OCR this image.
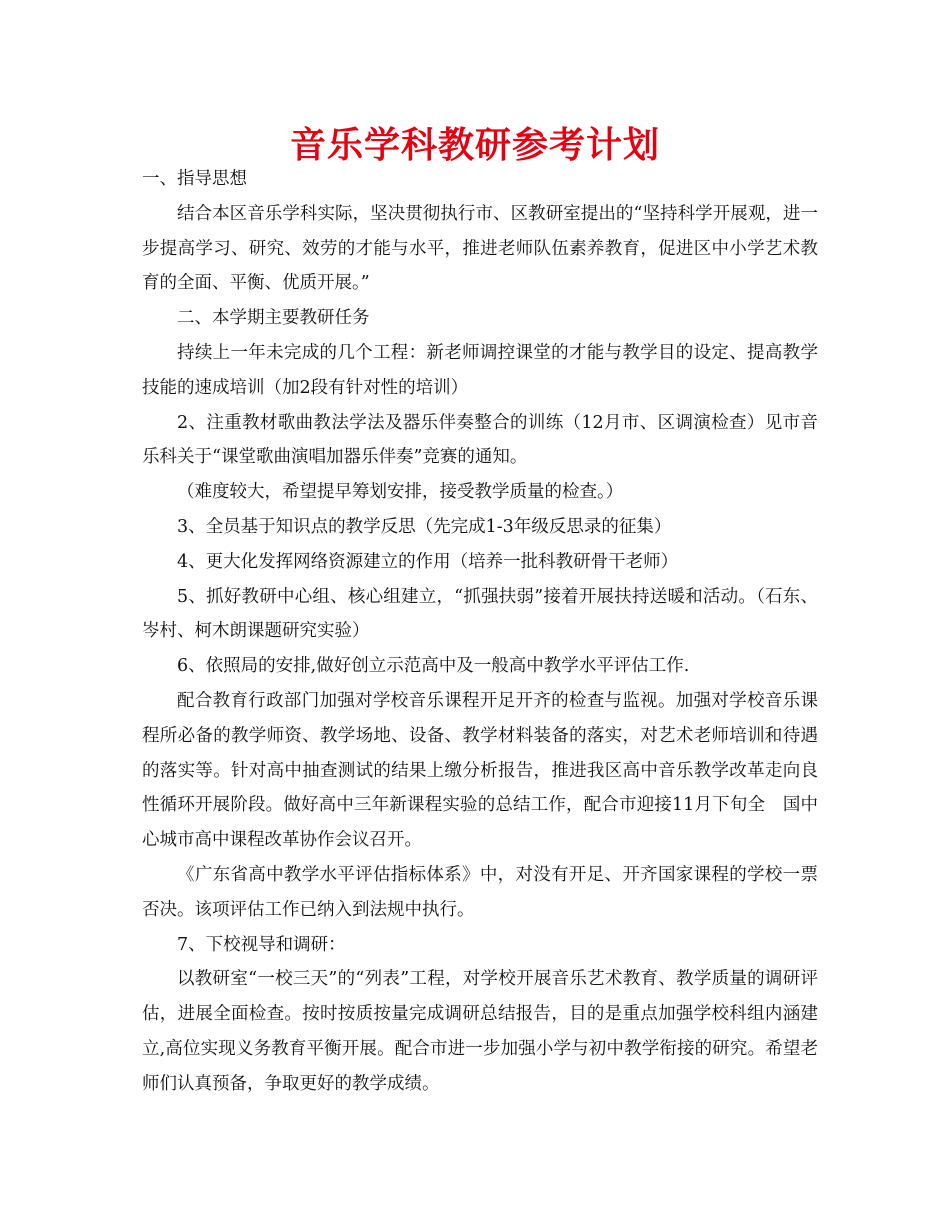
音乐学科教研参考计划

一、指导思想

结合本区音乐学科实际，坚决贯彻执行市、区教研室提出的“坚持科学开展观，进一步提高学习、研究、效劳的才能与水平，推进老师队伍素养教育，促进区中小学艺术教育的全面、平衡、优质开展。”

二、本学期主要教研任务

持续上一年未完成的几个工程：新老师调控课堂的才能与教学目的设定、提高教学技能的速成培训（加2段有针对性的培训）

2、注重教材歌曲教法学法及器乐伴奏整合的训练（12月市、区调演检查）见市音乐科关于“课堂歌曲演唱加器乐伴奏”竞赛的通知。

（难度较大，希望提早筹划安排，接受教学质量的检查。）

3、全员基于知识点的教学反思（先完成1-3年级反思录的征集）

4、更大化发挥网络资源建立的作用（培养一批科教研骨干老师）

5、抓好教研中心组、核心组建立，“抓强扶弱”接着开展扶持送暖和活动。（石东、岑村、柯木朗课题研究实验）

6、依照局的安排,做好创立示范高中及一般高中教学水平评估工作.

配合教育行政部门加强对学校音乐课程开足开齐的检查与监视。加强对学校音乐课程所必备的教学师资、教学场地、设备、教学材料装备的落实，对艺术老师培训和待遇的落实等。针对高中抽查测试的结果上缴分析报告，推进我区高中音乐教学改革走向良性循环开展阶段。做好高中三年新课程实验的总结工作，配合市迎接11月下旬全　国中心城市高中课程改革协作会议召开。

《广东省高中教学水平评估指标体系》中，对没有开足、开齐国家课程的学校一票否决。该项评估工作已纳入到法规中执行。

7、下校视导和调研：

以教研室“一校三天”的“列表”工程，对学校开展音乐艺术教育、教学质量的调研评估，进展全面检查。按时按质按量完成调研总结报告，目的是重点加强学校科组内涵建立,高位实现义务教育平衡开展。配合市进一步加强小学与初中教学衔接的研究。希望老师们认真预备，争取更好的教学成绩。
